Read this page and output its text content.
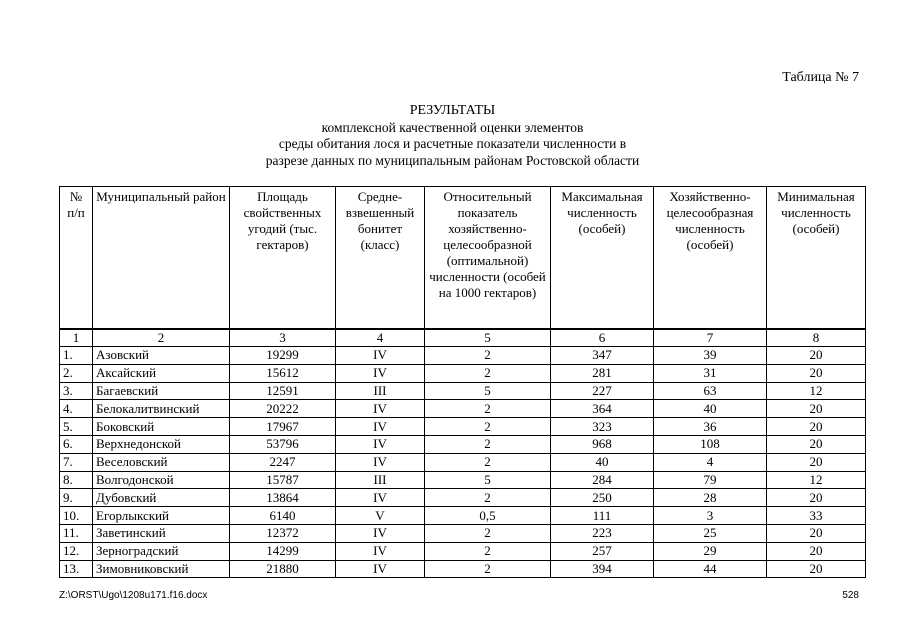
Таблица № 7
РЕЗУЛЬТАТЫ
комплексной качественной оценки элементов
среды обитания лося и расчетные показатели численности в
разрезе данных по муниципальным районам Ростовской области
№ п/п	Муниципальный район	Площадь свойственных угодий (тыс. гектаров)	Средне-взвешенный бонитет (класс)	Относительный показатель хозяйственно-целесообразной (оптимальной) численности (особей на 1000 гектаров)	Максимальная численность (особей)	Хозяйственно-целесообразная численность (особей)	Минимальная численность (особей)
1	2	3	4	5	6	7	8
1.	Азовский	19299	IV	2	347	39	20
2.	Аксайский	15612	IV	2	281	31	20
3.	Багаевский	12591	III	5	227	63	12
4.	Белокалитвинский	20222	IV	2	364	40	20
5.	Боковский	17967	IV	2	323	36	20
6.	Верхнедонской	53796	IV	2	968	108	20
7.	Веселовский	2247	IV	2	40	4	20
8.	Волгодонской	15787	III	5	284	79	12
9.	Дубовский	13864	IV	2	250	28	20
10.	Егорлыкский	6140	V	0,5	111	3	33
11.	Заветинский	12372	IV	2	223	25	20
12.	Зерноградский	14299	IV	2	257	29	20
13.	Зимовниковский	21880	IV	2	394	44	20
Z:\ORST\Ugo\1208u171.f16.docx	528
